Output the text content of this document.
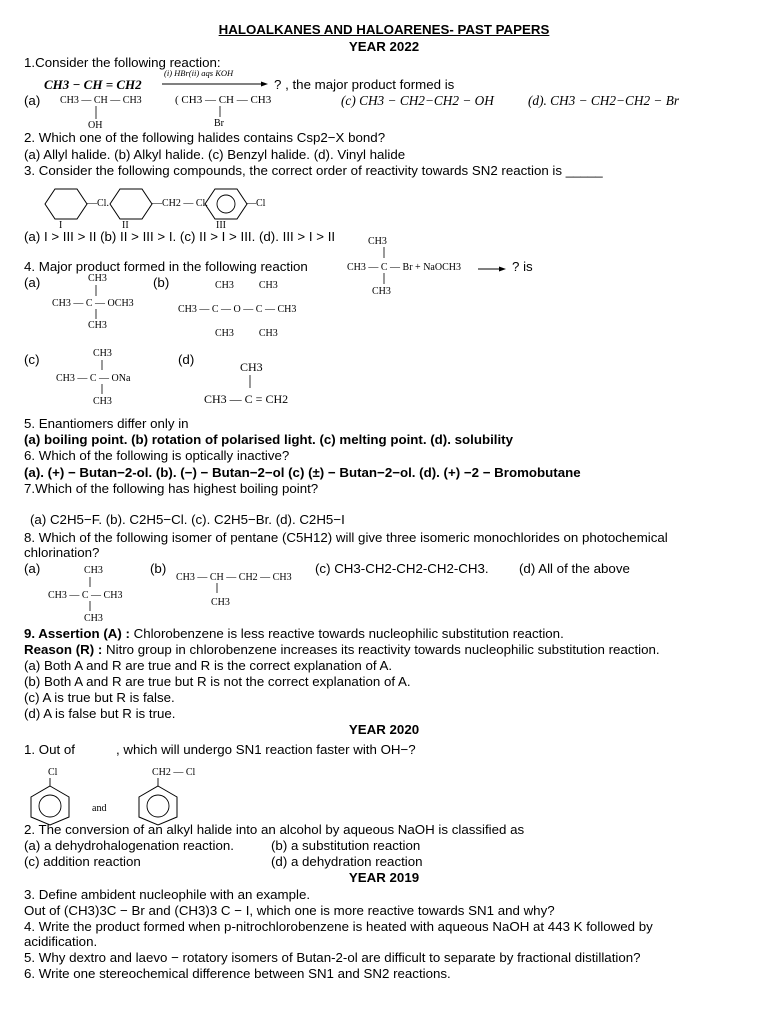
HALOALKANES AND HALOARENES- PAST PAPERS
YEAR 2022
1.Consider the following reaction:
CH3 − CH = CH2
(i) HBr(ii) aqs KOH
? , the major product formed is
(a) CH3 — CH — CH3
OH
( CH3 — CH — CH3
Br
(c) CH3 − CH2−CH2 − OH	(d). CH3 − CH2−CH2 − Br
2. Which one of the following halides contains Csp2−X bond?
(a) Allyl halide. (b) Alkyl halide. (c) Benzyl halide. (d). Vinyl halide
3. Consider the following compounds, the correct order of reactivity towards SN2 reaction is _____
—Cl.
I
—CH2 — Cl.
II
—Cl
III
(a) I > III > II (b) II > III > I. (c) II > I > III. (d). III > I > II	CH3
4. Major product formed in the following reaction	CH3 — C — Br + NaOCH3	? is
CH3
(a)	CH3
CH3 — C — OCH3
CH3
(b)	CH3          CH3
CH3 — C — O — C — CH3
CH3          CH3
(c)	CH3
CH3 — C — ONa
CH3
(d)	CH3
CH3 — C = CH2
5. Enantiomers differ only in
(a) boiling point. (b) rotation of polarised light. (c) melting point. (d). solubility
6. Which of the following is optically inactive?
(a). (+) − Butan−2-ol. (b). (−) − Butan−2−ol (c) (±) − Butan−2−ol. (d). (+) −2 − Bromobutane
7.Which of the following has highest boiling point?
(a) C2H5−F. (b). C2H5−Cl. (c). C2H5−Br. (d). C2H5−I
8. Which of the following isomer of pentane (C5H12) will give three isomeric monochlorides on photochemical
chlorination?
(a)	CH3
CH3 — C — CH3
CH3
(b)
CH3 — CH — CH2 — CH3
CH3
(c) CH3-CH2-CH2-CH2-CH3. (d) All of the above
9. Assertion (A) : Chlorobenzene is less reactive towards nucleophilic substitution reaction.
Reason (R) : Nitro group in chlorobenzene increases its reactivity towards nucleophilic substitution reaction.
(a) Both A and R are true and R is the correct explanation of A.
(b) Both A and R are true but R is not the correct explanation of A.
(c) A is true but R is false.
(d) A is false but R is true.
YEAR 2020
1. Out of	, which will undergo SN1 reaction faster with OH−?
Cl
and
CH2 — Cl
2. The conversion of an alkyl halide into an alcohol by aqueous NaOH is classified as
(a) a dehydrohalogenation reaction.	(b) a substitution reaction
(c) addition reaction	(d) a dehydration reaction
YEAR 2019
3. Define ambident nucleophile with an example.
Out of (CH3)3C − Br and (CH3)3 C − I, which one is more reactive towards SN1 and why?
4. Write the product formed when p-nitrochlorobenzene is heated with aqueous NaOH at 443 K followed by
acidification.
5. Why dextro and laevo − rotatory isomers of Butan-2-ol are difficult to separate by fractional distillation?
6. Write one stereochemical difference between SN1 and SN2 reactions.
